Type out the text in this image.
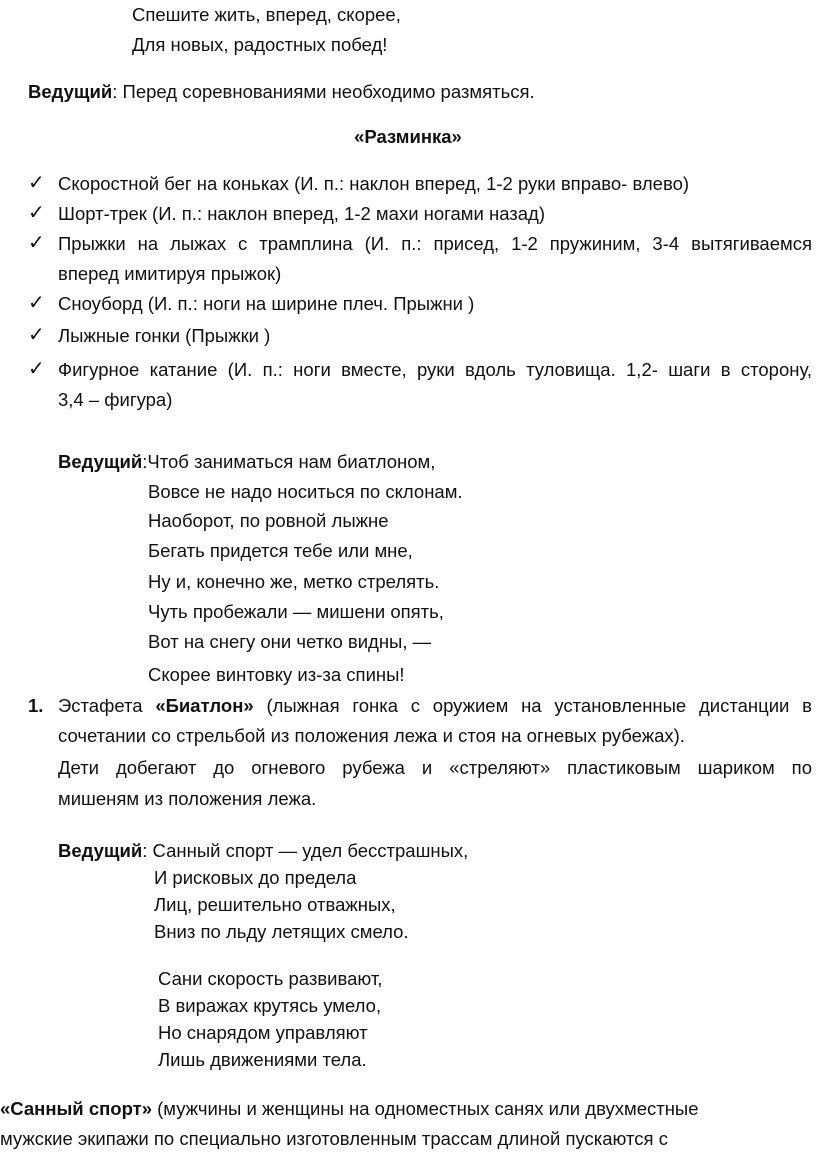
Спешите жить, вперед, скорее,
Для новых, радостных побед!
Ведущий: Перед соревнованиями необходимо размяться.
«Разминка»
✓ Скоростной бег на коньках (И. п.: наклон вперед, 1-2 руки вправо- влево)
✓ Шорт-трек (И. п.: наклон вперед, 1-2 махи ногами назад)
✓ Прыжки на лыжах с трамплина (И. п.: присед, 1-2 пружиним, 3-4 вытягиваемся
вперед имитируя прыжок)
✓ Сноуборд (И. п.: ноги на ширине плеч. Прыжни )
✓ Лыжные гонки (Прыжки )
✓ Фигурное катание (И. п.: ноги вместе, руки вдоль туловища. 1,2- шаги в сторону,
3,4 – фигура)
Ведущий:Чтоб заниматься нам биатлоном,
Вовсе не надо носиться по склонам.
Наоборот, по ровной лыжне
Бегать придется тебе или мне,
Ну и, конечно же, метко стрелять.
Чуть пробежали — мишени опять,
Вот на снегу они четко видны, —
Скорее винтовку из-за спины!
1. Эстафета «Биатлон» (лыжная гонка с оружием на установленные дистанции в
сочетании со стрельбой из положения лежа и стоя на огневых рубежах).
Дети добегают до огневого рубежа и «стреляют» пластиковым шариком по
мишеням из положения лежа.
Ведущий: Санный спорт — удел бесстрашных,
И рисковых до предела
Лиц, решительно отважных,
Вниз по льду летящих смело.
Сани скорость развивают,
В виражах крутясь умело,
Но снарядом управляют
Лишь движениями тела.
«Санный спорт» (мужчины и женщины на одноместных санях или двухместные
мужские экипажи по специально изготовленным трассам длиной пускаются с
